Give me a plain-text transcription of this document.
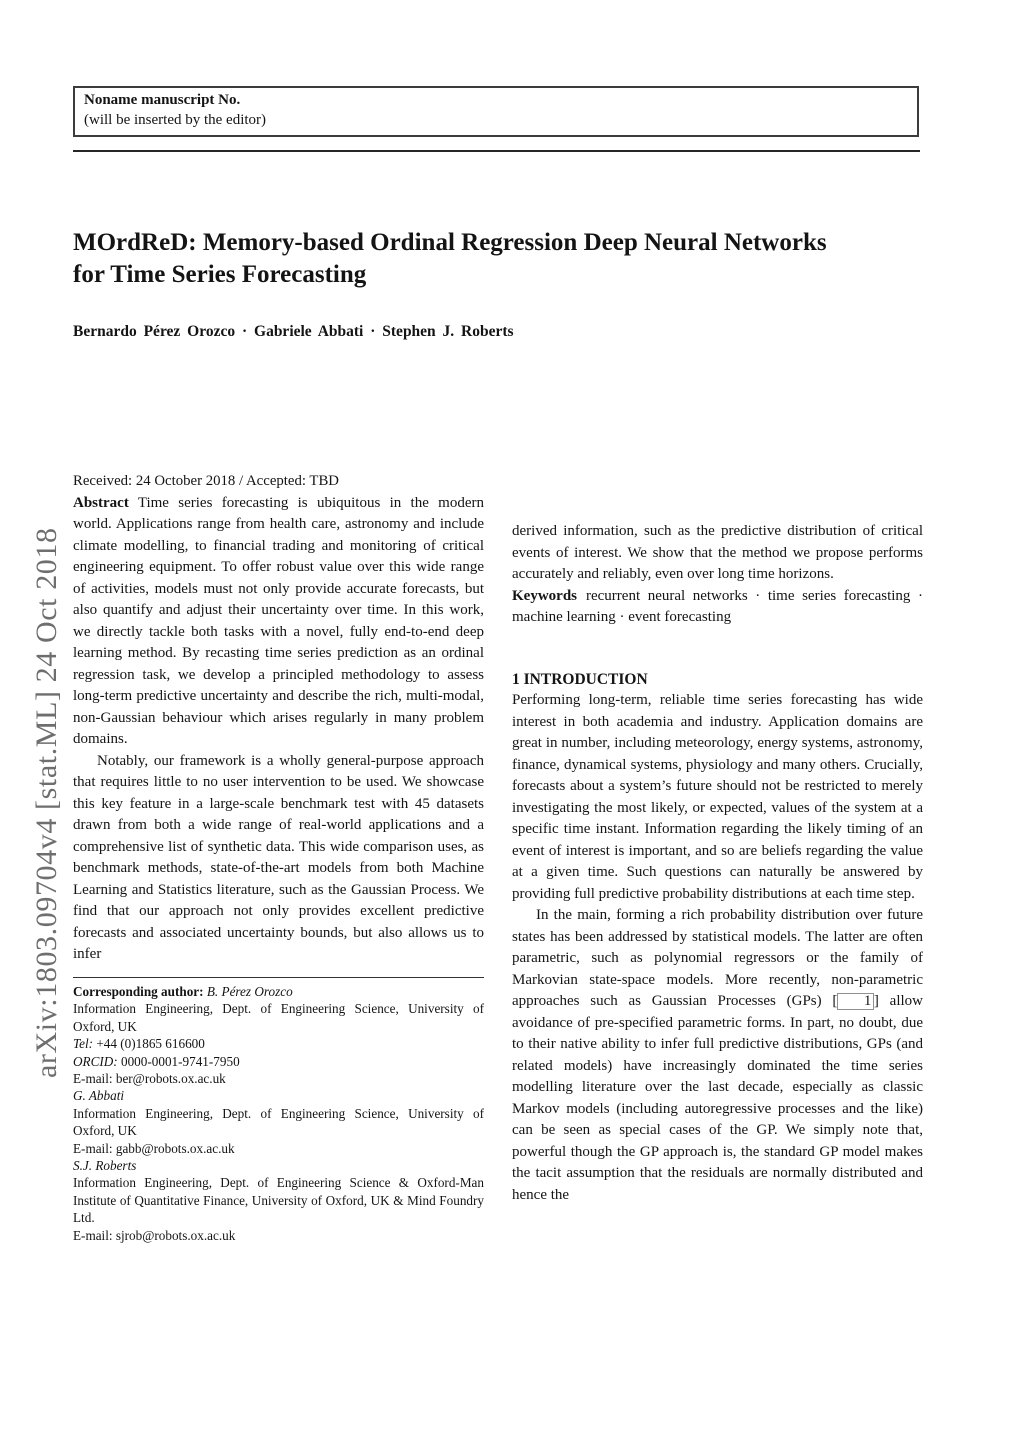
arXiv:1803.09704v4 [stat.ML] 24 Oct 2018
Noname manuscript No.
(will be inserted by the editor)
MOrdReD: Memory-based Ordinal Regression Deep Neural Networks
for Time Series Forecasting
Bernardo Pérez Orozco · Gabriele Abbati · Stephen J. Roberts
Received: 24 October 2018 / Accepted: TBD

Abstract Time series forecasting is ubiquitous in the modern world. Applications range from health care, astronomy and include climate modelling, to financial trading and monitoring of critical engineering equipment. To offer robust value over this wide range of activities, models must not only provide accurate forecasts, but also quantify and adjust their uncertainty over time. In this work, we directly tackle both tasks with a novel, fully end-to-end deep learning method. By recasting time series prediction as an ordinal regression task, we develop a principled methodology to assess long-term predictive uncertainty and describe the rich, multi-modal, non-Gaussian behaviour which arises regularly in many problem domains.

Notably, our framework is a wholly general-purpose approach that requires little to no user intervention to be used. We showcase this key feature in a large-scale benchmark test with 45 datasets drawn from both a wide range of real-world applications and a comprehensive list of synthetic data. This wide comparison uses, as benchmark methods, state-of-the-art models from both Machine Learning and Statistics literature, such as the Gaussian Process. We find that our approach not only provides excellent predictive forecasts and associated uncertainty bounds, but also allows us to infer

Corresponding author: B. Pérez Orozco
Information Engineering, Dept. of Engineering Science, University of Oxford, UK
Tel: +44 (0)1865 616600
ORCID: 0000-0001-9741-7950
E-mail: ber@robots.ox.ac.uk
G. Abbati
Information Engineering, Dept. of Engineering Science, University of Oxford, UK
E-mail: gabb@robots.ox.ac.uk
S.J. Roberts
Information Engineering, Dept. of Engineering Science & Oxford-Man Institute of Quantitative Finance, University of Oxford, UK & Mind Foundry Ltd.
E-mail: sjrob@robots.ox.ac.uk

derived information, such as the predictive distribution of critical events of interest. We show that the method we propose performs accurately and reliably, even over long time horizons.

Keywords recurrent neural networks · time series forecasting · machine learning · event forecasting

1 INTRODUCTION

Performing long-term, reliable time series forecasting has wide interest in both academia and industry. Application domains are great in number, including meteorology, energy systems, astronomy, finance, dynamical systems, physiology and many others. Crucially, forecasts about a system’s future should not be restricted to merely investigating the most likely, or expected, values of the system at a specific time instant. Information regarding the likely timing of an event of interest is important, and so are beliefs regarding the value at a given time. Such questions can naturally be answered by providing full predictive probability distributions at each time step.

In the main, forming a rich probability distribution over future states has been addressed by statistical models. The latter are often parametric, such as polynomial regressors or the family of Markovian state-space models. More recently, non-parametric approaches such as Gaussian Processes (GPs) [ 1 ] allow avoidance of pre-specified parametric forms. In part, no doubt, due to their native ability to infer full predictive distributions, GPs (and related models) have increasingly dominated the time series modelling literature over the last decade, especially as classic Markov models (including autoregressive processes and the like) can be seen as special cases of the GP. We simply note that, powerful though the GP approach is, the standard GP model makes the tacit assumption that the residuals are normally distributed and hence the
